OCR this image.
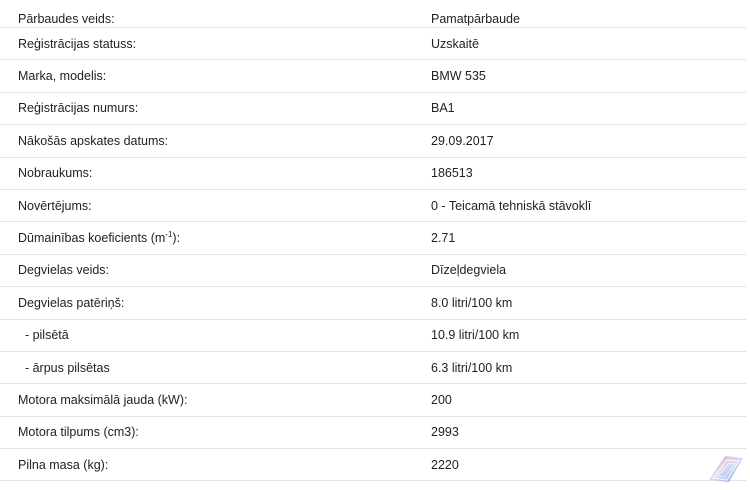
Pārbaudes veids:	Pamatpārbaude
Reģistrācijas statuss:	Uzskaitē
Marka, modelis:	BMW 535
Reģistrācijas numurs:	BA1
Nākošās apskates datums:	29.09.2017
Nobraukums:	186513
Novērtējums:	0 - Teicamā tehniskā stāvoklī
Dūmainības koeficients $(m^{-1})$:	2.71
Degvielas veids:	Dīzeļdegviela
Degvielas patēriņš:	8.0 litri/100 km
- pilsētā	10.9 litri/100 km
- ārpus pilsētas	6.3 litri/100 km
Motora maksimālā jauda (kW):	200
Motora tilpums (cm3):	2993
Pilna masa (kg):	2220
